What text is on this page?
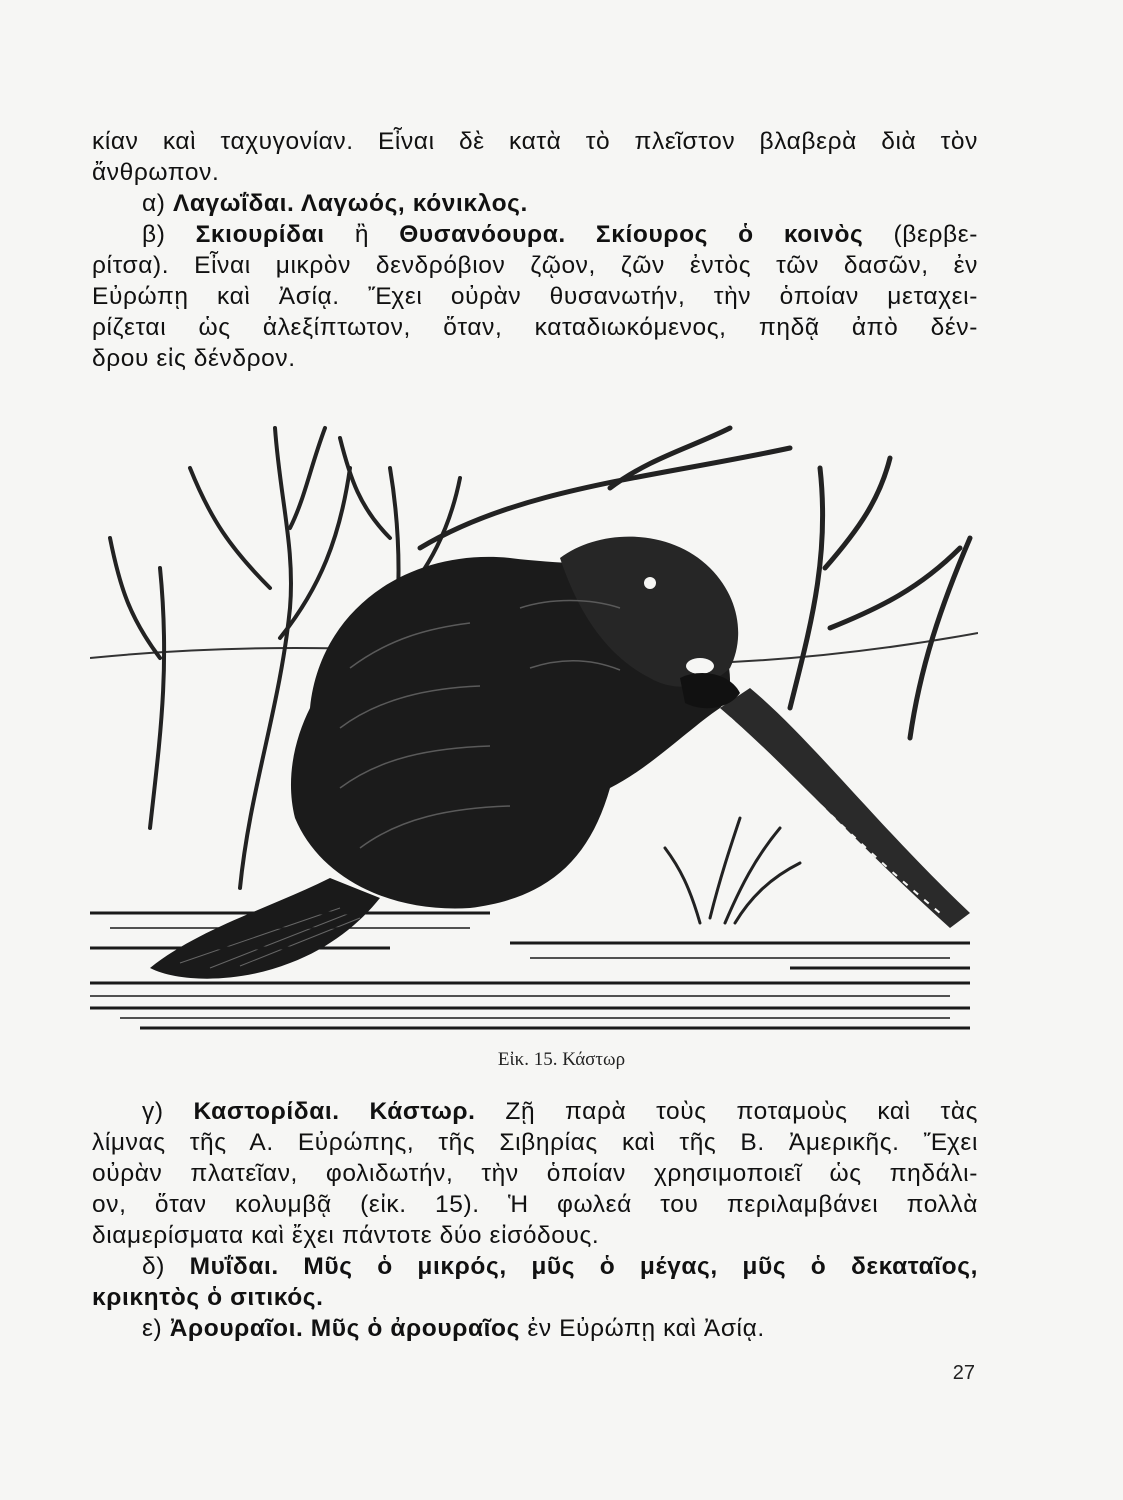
κίαν καὶ ταχυγονίαν. Εἶναι δὲ κατὰ τὸ πλεῖστον βλαβερὰ διὰ τὸν
ἄνθρωπον.
α) Λαγωΐδαι. Λαγωός, κόνικλος.
β) Σκιουρίδαι ἢ Θυσανόουρα. Σκίουρος ὁ κοινὸς (βερβε-
ρίτσα). Εἶναι μικρὸν δενδρόβιον ζῷον, ζῶν ἐντὸς τῶν δασῶν, ἐν
Εὐρώπῃ καὶ Ἀσίᾳ. Ἔχει οὐρὰν θυσανωτήν, τὴν ὁποίαν μεταχει-
ρίζεται ὡς ἀλεξίπτωτον, ὅταν, καταδιωκόμενος, πηδᾷ ἀπὸ δέν-
δρου εἰς δένδρον.
Εἰκ. 15. Κάστωρ
γ) Καστορίδαι. Κάστωρ. Ζῇ παρὰ τοὺς ποταμοὺς καὶ τὰς
λίμνας τῆς Α. Εὐρώπης, τῆς Σιβηρίας καὶ τῆς Β. Ἀμερικῆς. Ἔχει
οὐρὰν πλατεῖαν, φολιδωτήν, τὴν ὁποίαν χρησιμοποιεῖ ὡς πηδάλι-
ον, ὅταν κολυμβᾷ (εἰκ. 15). Ἡ φωλεά του περιλαμβάνει πολλὰ
διαμερίσματα καὶ ἔχει πάντοτε δύο εἰσόδους.
δ) Μυΐδαι. Μῦς ὁ μικρός, μῦς ὁ μέγας, μῦς ὁ δεκαταῖος,
κρικητὸς ὁ σιτικός.
ε) Ἀρουραῖοι. Μῦς ὁ ἀρουραῖος ἐν Εὐρώπῃ καὶ Ἀσίᾳ.
27
